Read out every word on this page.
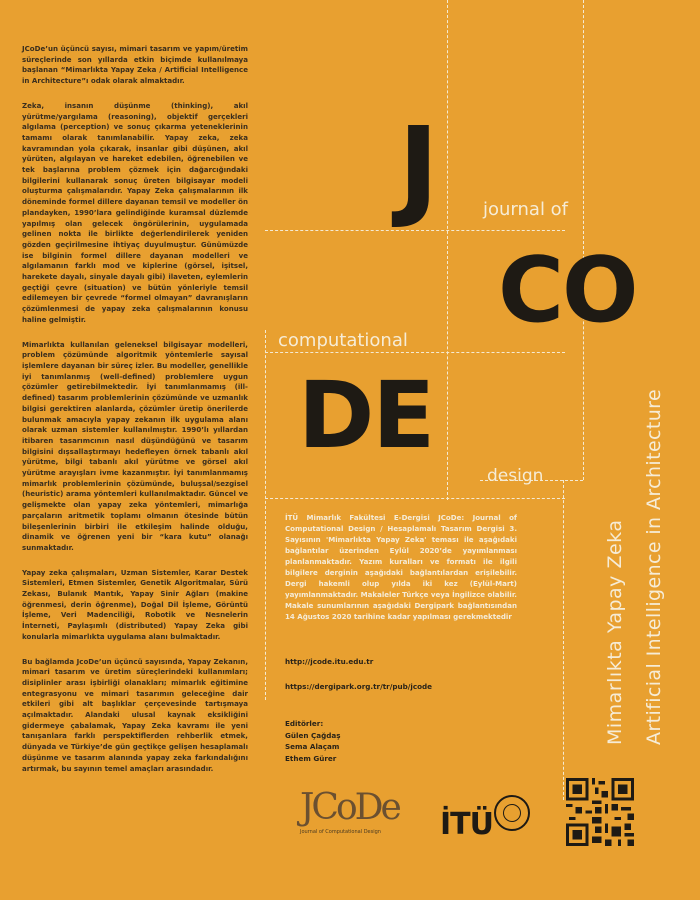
JCoDe’un üçüncü sayısı, mimari tasarım ve yapım/üretim süreçlerinde son yıllarda etkin biçimde kullanılmaya başlanan “Mimarlıkta Yapay Zeka / Artificial Intelligence in Architecture”ı odak olarak almaktadır.

Zeka, insanın düşünme (thinking), akıl yürütme/yargılama (reasoning), objektif gerçekleri algılama (perception) ve sonuç çıkarma yeteneklerinin tamamı olarak tanımlanabilir. Yapay zeka, zeka kavramından yola çıkarak, insanlar gibi düşünen, akıl yürüten, algılayan ve hareket edebilen, öğrenebilen ve tek başlarına problem çözmek için dağarcığındaki bilgilerini kullanarak sonuç üreten bilgisayar modeli oluşturma çalışmalarıdır. Yapay Zeka çalışmalarının ilk döneminde formel dillere dayanan temsil ve modeller ön plandayken, 1990’lara gelindiğinde kuramsal düzlemde yapılmış olan gelecek öngörülerinin, uygulamada gelinen nokta ile birlikte değerlendirilerek yeniden gözden geçirilmesine ihtiyaç duyulmuştur. Günümüzde ise bilginin formel dillere dayanan modelleri ve algılamanın farklı mod ve kiplerine (görsel, işitsel, harekete dayalı, sinyale dayalı gibi) ilaveten, eylemlerin geçtiği çevre (situation) ve bütün yönleriyle temsil edilemeyen bir çevrede “formel olmayan” davranışların çözümlenmesi de yapay zeka çalışmalarının konusu haline gelmiştir.

Mimarlıkta kullanılan geleneksel bilgisayar modelleri, problem çözümünde algoritmik yöntemlerle sayısal işlemlere dayanan bir süreç izler. Bu modeller, genellikle iyi tanımlanmış (well-defined) problemlere uygun çözümler getirebilmektedir. İyi tanımlanmamış (ill-defined) tasarım problemlerinin çözümünde ve uzmanlık bilgisi gerektiren alanlarda, çözümler üretip önerilerde bulunmak amacıyla yapay zekanın ilk uygulama alanı olarak uzman sistemler kullanılmıştır. 1990’lı yıllardan itibaren tasarımcının nasıl düşündüğünü ve tasarım bilgisini dışsallaştırmayı hedefleyen örnek tabanlı akıl yürütme, bilgi tabanlı akıl yürütme ve görsel akıl yürütme arayışları ivme kazanmıştır. İyi tanımlanmamış mimarlık problemlerinin çözümünde, buluşsal/sezgisel (heuristic) arama yöntemleri kullanılmaktadır. Güncel ve gelişmekte olan yapay zeka yöntemleri, mimarlığa parçaların aritmetik toplamı olmanın ötesinde bütün bileşenlerinin birbiri ile etkileşim halinde olduğu, dinamik ve öğrenen yeni bir “kara kutu” olanağı sunmaktadır.

Yapay zeka çalışmaları, Uzman Sistemler, Karar Destek Sistemleri, Etmen Sistemler, Genetik Algoritmalar, Sürü Zekası, Bulanık Mantık, Yapay Sinir Ağları (makine öğrenmesi, derin öğrenme), Doğal Dil İşleme, Görüntü İşleme, Veri Madenciliği, Robotik ve Nesnelerin İnterneti, Paylaşımlı (distributed) Yapay Zeka gibi konularla mimarlıkta uygulama alanı bulmaktadır.

Bu bağlamda JcoDe’un üçüncü sayısında, Yapay Zekanın, mimari tasarım ve üretim süreçlerindeki kullanımları; disiplinler arası işbirliği olanakları; mimarlık eğitimine entegrasyonu ve mimari tasarımın geleceğine dair etkileri gibi alt başlıklar çerçevesinde tartışmaya açılmaktadır. Alandaki ulusal kaynak eksikliğini gidermeye çabalamak, Yapay Zeka kavramı ile yeni tanışanlara farklı perspektiflerden rehberlik etmek, dünyada ve Türkiye’de gün geçtikçe gelişen hesaplamalı düşünme ve tasarım alanında yapay zeka farkındalığını artırmak, bu sayının temel amaçları arasındadır.

J
CO
DE
journal of
computational
design
İTÜ Mimarlık Fakültesi E-Dergisi JCoDe: Journal of Computational Design / Hesaplamalı Tasarım Dergisi 3. Sayısının 'Mimarlıkta Yapay Zeka' teması ile aşağıdaki bağlantılar üzerinden Eylül 2020’de yayımlanması planlanmaktadır. Yazım kuralları ve formatı ile ilgili bilgilere derginin aşağıdaki bağlantılardan erişilebilir. Dergi hakemli olup yılda iki kez (Eylül-Mart) yayımlanmaktadır. Makaleler Türkçe veya İngilizce olabilir. Makale sunumlarının aşağıdaki Dergipark bağlantısından 14 Ağustos 2020 tarihine kadar yapılması gerekmektedir
http://jcode.itu.edu.tr
https://dergipark.org.tr/tr/pub/jcode
Editörler:
Gülen Çağdaş
Sema Alaçam
Ethem Gürer
Mimarlıkta Yapay Zeka Artificial Intelligence in Architecture
JCoDe
Journal of Computational Design	İTÜ
